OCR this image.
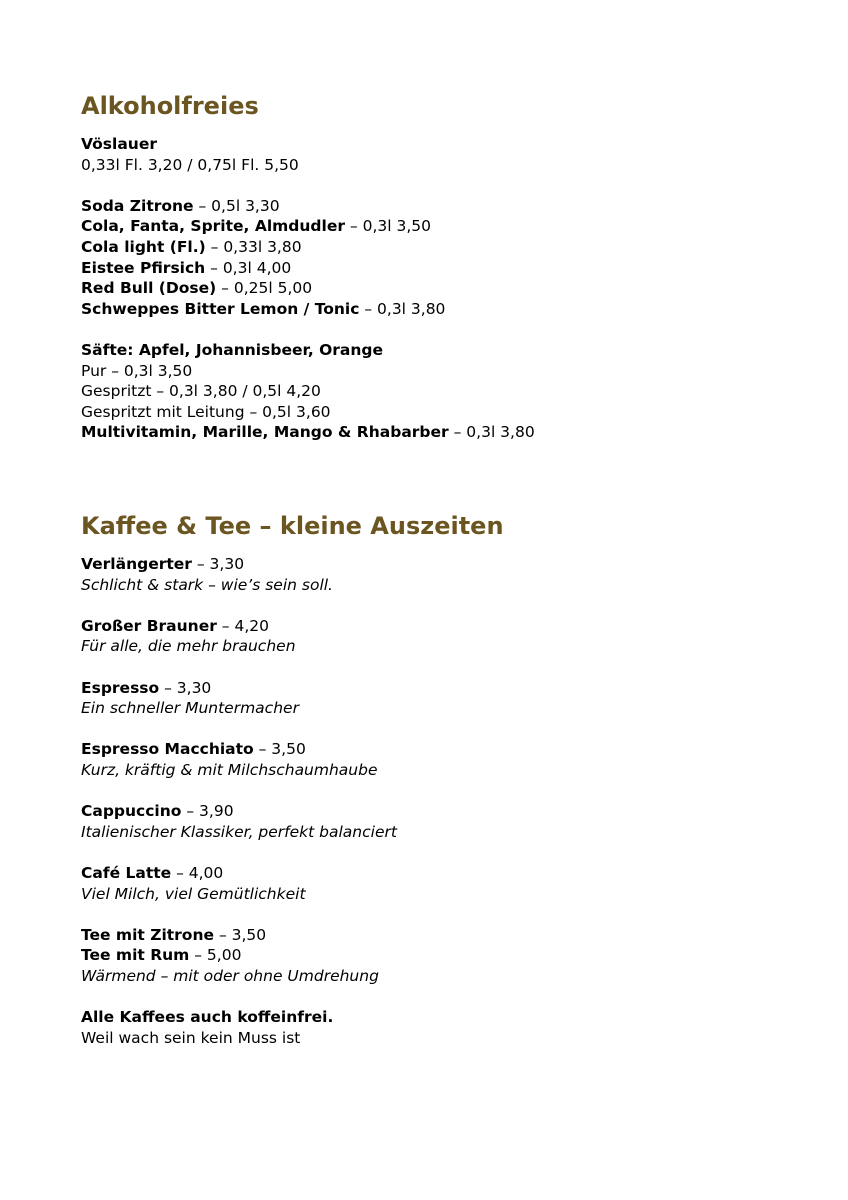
Alkoholfreies
Vöslauer
0,33l Fl. 3,20 / 0,75l Fl. 5,50
Soda Zitrone – 0,5l 3,30
Cola, Fanta, Sprite, Almdudler – 0,3l 3,50
Cola light (Fl.) – 0,33l 3,80
Eistee Pfirsich – 0,3l 4,00
Red Bull (Dose) – 0,25l 5,00
Schweppes Bitter Lemon / Tonic – 0,3l 3,80
Säfte: Apfel, Johannisbeer, Orange
Pur – 0,3l 3,50
Gespritzt – 0,3l 3,80 / 0,5l 4,20
Gespritzt mit Leitung – 0,5l 3,60
Multivitamin, Marille, Mango & Rhabarber – 0,3l 3,80
Kaffee & Tee – kleine Auszeiten
Verlängerter – 3,30
Schlicht & stark – wie’s sein soll.
Großer Brauner – 4,20
Für alle, die mehr brauchen
Espresso – 3,30
Ein schneller Muntermacher
Espresso Macchiato – 3,50
Kurz, kräftig & mit Milchschaumhaube
Cappuccino – 3,90
Italienischer Klassiker, perfekt balanciert
Café Latte – 4,00
Viel Milch, viel Gemütlichkeit
Tee mit Zitrone – 3,50
Tee mit Rum – 5,00
Wärmend – mit oder ohne Umdrehung
Alle Kaffees auch koffeinfrei.
Weil wach sein kein Muss ist
